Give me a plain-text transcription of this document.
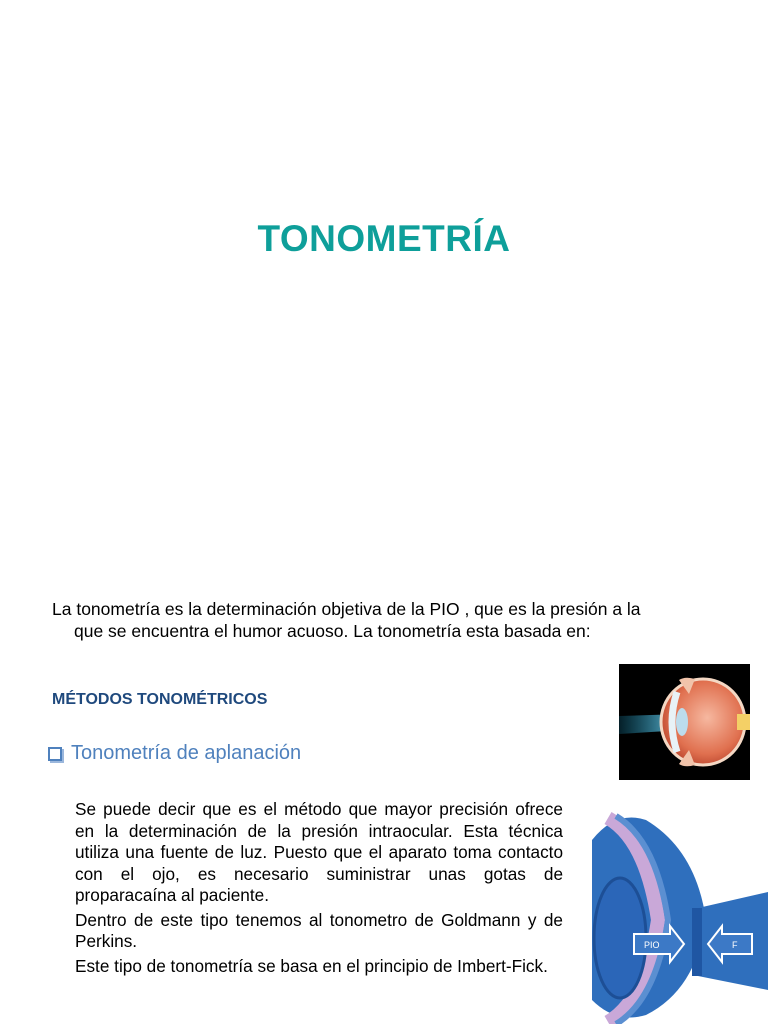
TONOMETRÍA
La tonometría es la determinación objetiva de la PIO , que es la presión a la
que se encuentra el humor acuoso. La tonometría esta basada en:
MÉTODOS TONOMÉTRICOS
Tonometría de aplanación

Se puede decir que es el método que mayor precisión ofrece en la determinación de la presión intraocular. Esta técnica utiliza una fuente de luz. Puesto que el aparato toma contacto con el ojo, es necesario suministrar unas gotas de proparacaína al paciente.

Dentro de este tipo tenemos al tonometro de Goldmann y de Perkins.

Este tipo de tonometría se basa en el principio de Imbert-Fick.

PIO	F
